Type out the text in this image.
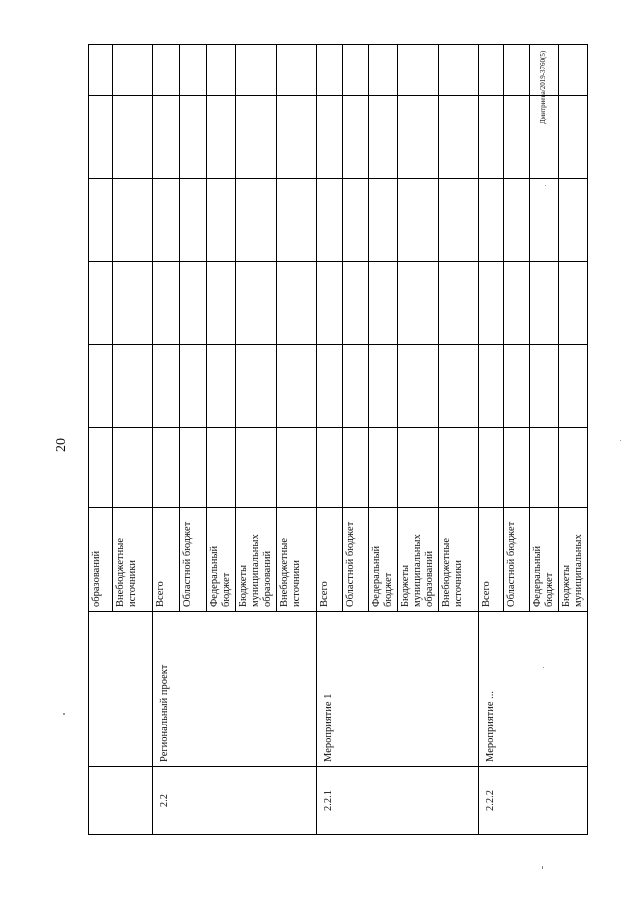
20
Дмитриева/2019-3760(5)
		образований						
		Внебюджетные источники						
2.2	Региональный проект	Всего						
		Областной бюджет						
		Федеральный бюджет						
		Бюджеты муниципальных образований						
		Внебюджетные источники						
2.2.1	Мероприятие 1	Всего						
		Областной бюджет						
		Федеральный бюджет						
		Бюджеты муниципальных образований						
		Внебюджетные источники						
2.2.2	Мероприятие ...	Всего						
		Областной бюджет						
		Федеральный бюджет						
		Бюджеты муниципальных						
